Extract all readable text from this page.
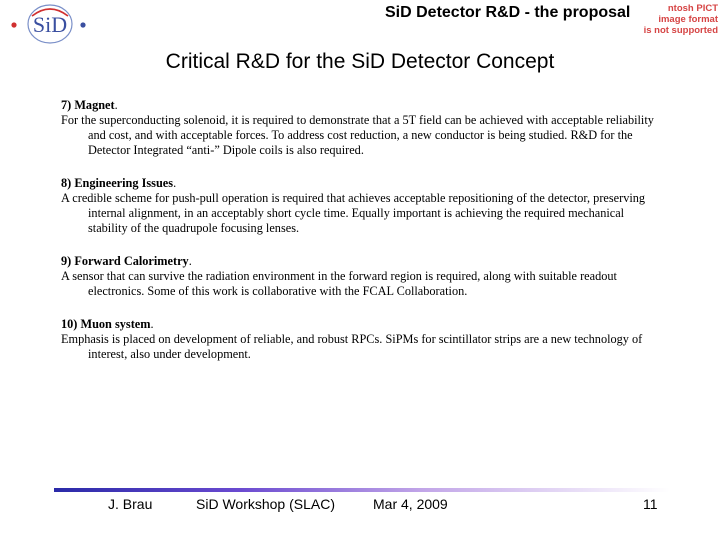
SiD	SiD Detector R&D - the proposal	ntosh PICT
image format
is not supported
Critical R&D for the SiD Detector Concept
7) Magnet.
For the superconducting solenoid, it is required to demonstrate that a 5T field can be achieved with acceptable reliability and cost, and with acceptable forces. To address cost reduction, a new conductor is being studied. R&D for the Detector Integrated “anti-” Dipole coils is also required.
8) Engineering Issues.
A credible scheme for push-pull operation is required that achieves acceptable repositioning of the detector, preserving internal alignment, in an acceptably short cycle time. Equally important is achieving the required mechanical stability of the quadrupole focusing lenses.
9) Forward Calorimetry.
A sensor that can survive the radiation environment in the forward region is required, along with suitable readout electronics. Some of this work is collaborative with the FCAL Collaboration.
10) Muon system.
Emphasis is placed on development of reliable, and robust RPCs. SiPMs for scintillator strips are a new technology of interest, also under development.
J. Brau	SiD Workshop (SLAC)	Mar 4, 2009	11
